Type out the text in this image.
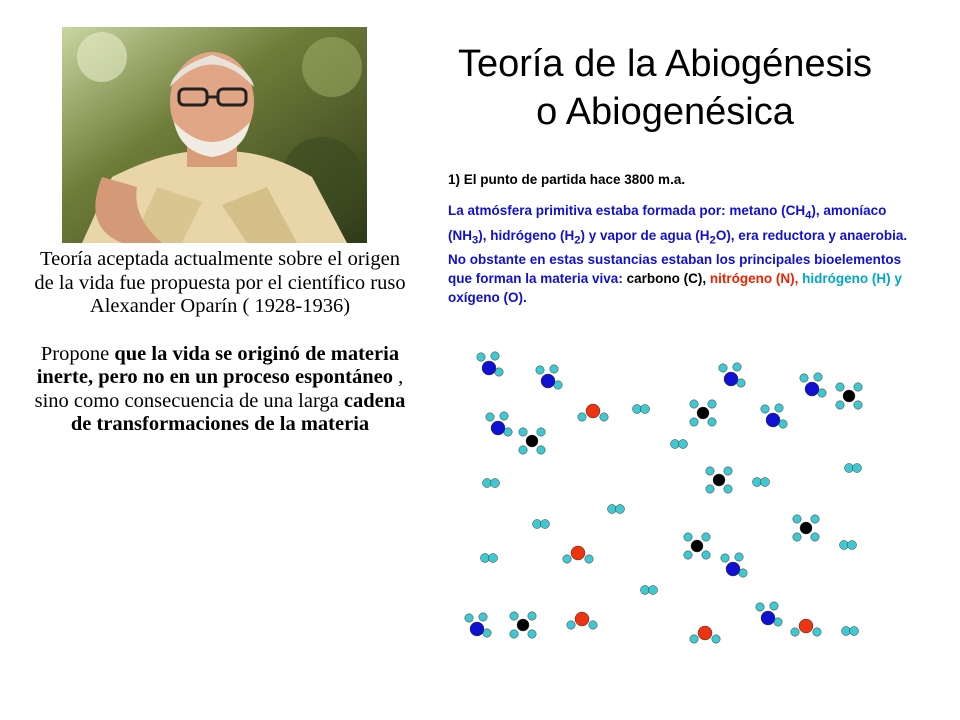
Teoría de la Abiogénesis
o Abiogenésica

Teoría aceptada actualmente sobre el origen de la vida fue propuesta por el científico ruso Alexander Oparín ( 1928-1936)

Propone que la vida se originó de materia inerte, pero no en un proceso espontáneo , sino como consecuencia de una larga cadena de transformaciones de la materia

1) El punto de partida hace 3800 m.a.
La atmósfera primitiva estaba formada por: metano $(CH_4)$, amoníaco $(NH_3)$, hidrógeno $(H_2)$ y vapor de agua $(H_2O)$, era reductora y anaerobia. No obstante en estas sustancias estaban los principales bioelementos que forman la materia viva: carbono (C), nitrógeno (N), hidrógeno (H) y oxígeno (O).
